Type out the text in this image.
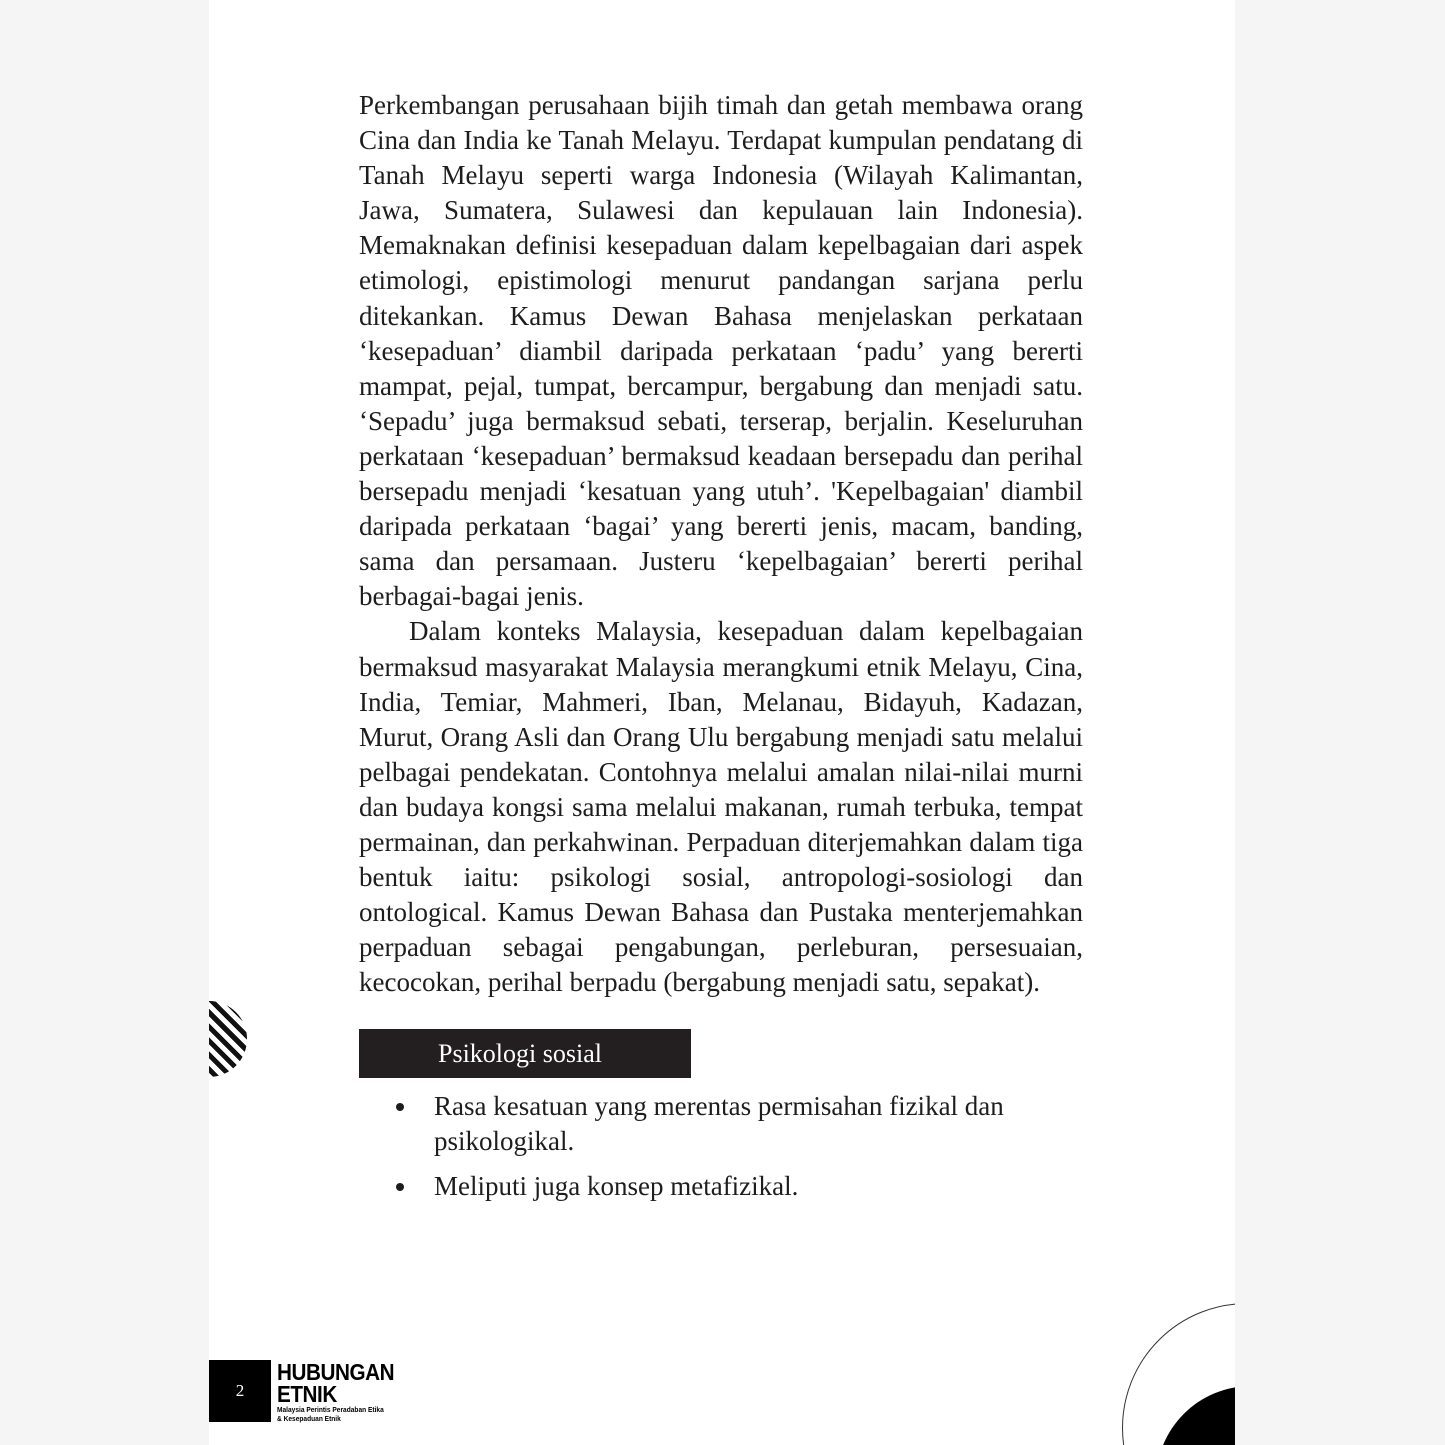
Perkembangan perusahaan bijih timah dan getah membawa orang Cina dan India ke Tanah Melayu. Terdapat kumpulan pendatang di Tanah Melayu seperti warga Indonesia (Wilayah Kalimantan, Jawa, Sumatera, Sulawesi dan kepulauan lain Indonesia). Memaknakan definisi kesepaduan dalam kepelbagaian dari aspek etimologi, epistimologi menurut pandangan sarjana perlu ditekankan. Kamus Dewan Bahasa menjelaskan perkataan ‘kesepaduan’ diambil daripada perkataan ‘padu’ yang bererti mampat, pejal, tumpat, bercampur, bergabung dan menjadi satu. ‘Sepadu’ juga bermaksud sebati, terserap, berjalin. Keseluruhan perkataan ‘kesepaduan’ bermaksud keadaan bersepadu dan perihal bersepadu menjadi ‘kesatuan yang utuh’. 'Kepelbagaian' diambil daripada perkataan ‘bagai’ yang bererti jenis, macam, banding, sama dan persamaan. Justeru ‘kepelbagaian’ bererti perihal berbagai-bagai jenis.

Dalam konteks Malaysia, kesepaduan dalam kepelbagaian bermaksud masyarakat Malaysia merangkumi etnik Melayu, Cina, India, Temiar, Mahmeri, Iban, Melanau, Bidayuh, Kadazan, Murut, Orang Asli dan Orang Ulu bergabung menjadi satu melalui pelbagai pendekatan. Contohnya melalui amalan nilai-nilai murni dan budaya kongsi sama melalui makanan, rumah terbuka, tempat permainan, dan perkahwinan. Perpaduan diterjemahkan dalam tiga bentuk iaitu: psikologi sosial, antropologi-sosiologi dan ontological. Kamus Dewan Bahasa dan Pustaka menterjemahkan perpaduan sebagai pengabungan, perleburan, persesuaian, kecocokan, perihal berpadu (bergabung menjadi satu, sepakat).

Psikologi sosial
Rasa kesatuan yang merentas permisahan fizikal dan psikologikal.
Meliputi juga konsep metafizikal.
2
HUBUNGAN
ETNIK
Malaysia Perintis Peradaban Etika
& Kesepaduan Etnik
